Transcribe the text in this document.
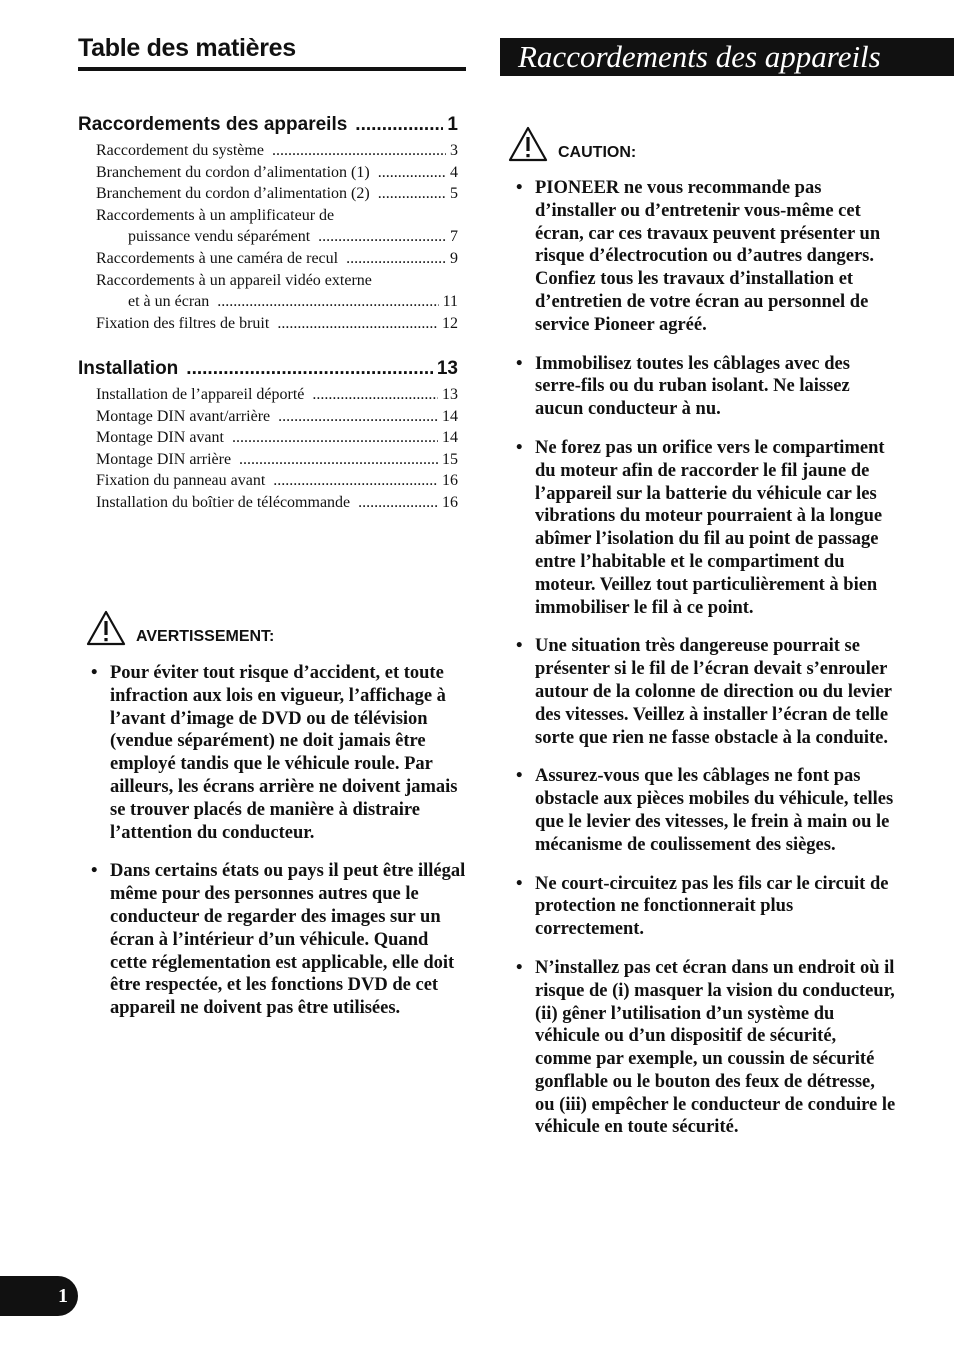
Table des matières	Raccordements des appareils
Raccordements des appareils .....	1
Raccordement du système .....	3
Branchement du cordon d’alimentation (1) .....	4
Branchement du cordon d’alimentation (2) .....	5
Raccordements à un amplificateur de
puissance vendu séparément .....	7
Raccordements à une caméra de recul .....	9
Raccordements à un appareil vidéo externe
et à un écran .....	11
Fixation des filtres de bruit .....	12
Installation .....	13
Installation de l’appareil déporté .....	13
Montage DIN avant/arrière .....	14
Montage DIN avant .....	14
Montage DIN arrière .....	15
Fixation du panneau avant .....	16
Installation du boîtier de télécommande .....	16
AVERTISSEMENT:
• Pour éviter tout risque d’accident, et toute infraction aux lois en vigueur, l’affichage à l’avant d’image de DVD ou de télévision (vendue séparément) ne doit jamais être employé tandis que le véhicule roule. Par ailleurs, les écrans arrière ne doivent jamais se trouver placés de manière à distraire l’attention du conducteur.
• Dans certains états ou pays il peut être illégal même pour des personnes autres que le conducteur de regarder des images sur un écran à l’intérieur d’un véhicule. Quand cette réglementation est applicable, elle doit être respectée, et les fonctions DVD de cet appareil ne doivent pas être utilisées.
CAUTION:
• PIONEER ne vous recommande pas d’installer ou d’entretenir vous-même cet écran, car ces travaux peuvent présenter un risque d’électrocution ou d’autres dangers. Confiez tous les travaux d’installation et d’entretien de votre écran au personnel de service Pioneer agréé.
• Immobilisez toutes les câblages avec des serre-fils ou du ruban isolant. Ne laissez aucun conducteur à nu.
• Ne forez pas un orifice vers le compartiment du moteur afin de raccorder le fil jaune de l’appareil sur la batterie du véhicule car les vibrations du moteur pourraient à la longue abîmer l’isolation du fil au point de passage entre l’habitable et le compartiment du moteur. Veillez tout particulièrement à bien immobiliser le fil à ce point.
• Une situation très dangereuse pourrait se présenter si le fil de l’écran devait s’enrouler autour de la colonne de direction ou du levier des vitesses. Veillez à installer l’écran de telle sorte que rien ne fasse obstacle à la conduite.
• Assurez-vous que les câblages ne font pas obstacle aux pièces mobiles du véhicule, telles que le levier des vitesses, le frein à main ou le mécanisme de coulissement des sièges.
• Ne court-circuitez pas les fils car le circuit de protection ne fonctionnerait plus correctement.
• N’installez pas cet écran dans un endroit où il risque de (i) masquer la vision du conducteur, (ii) gêner l’utilisation d’un système du véhicule ou d’un dispositif de sécurité, comme par exemple, un coussin de sécurité gonflable ou le bouton des feux de détresse, ou (iii) empêcher le conducteur de conduire le véhicule en toute sécurité.
1
